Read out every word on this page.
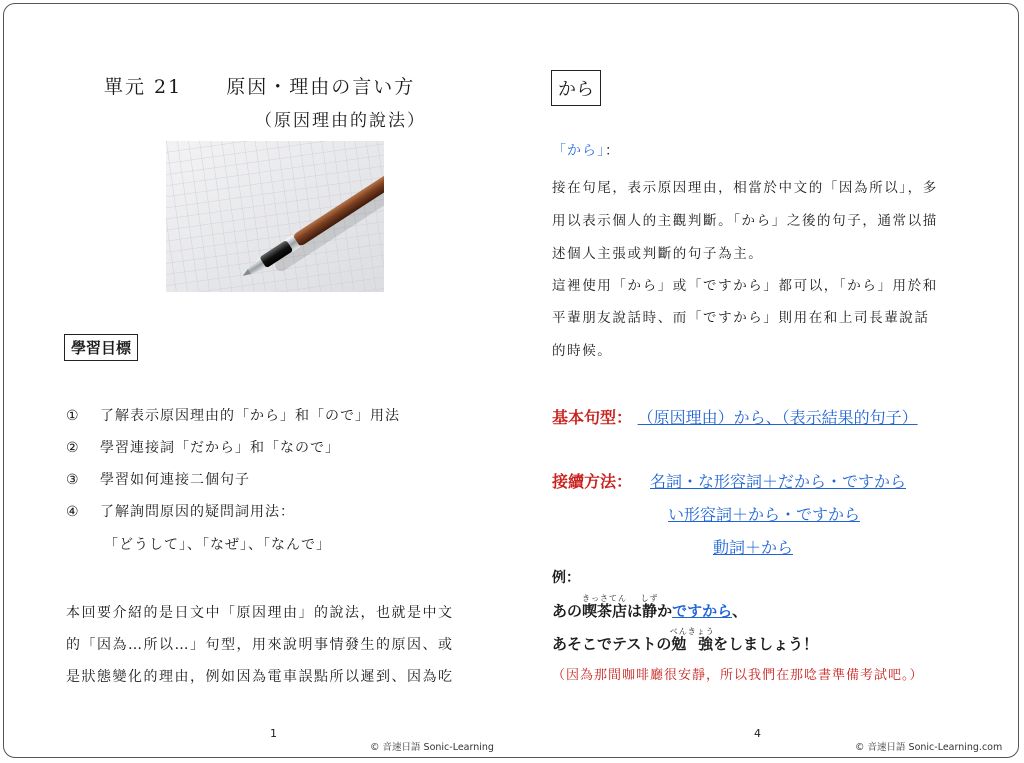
單元 21 原因・理由の言い方
（原因理由的說法）
學習目標
① 了解表示原因理由的「から」和「ので」用法
② 學習連接詞「だから」和「なので」
③ 學習如何連接二個句子
④ 了解詢問原因的疑問詞用法：
「どうして」、「なぜ」、「なんで」
本回要介紹的是日文中「原因理由」的說法，也就是中文
的「因為…所以…」句型，用來說明事情發生的原因、或
是狀態變化的理由，例如因為電車誤點所以遲到、因為吃
1
© 音速日語 Sonic-Learning
から
「から」：
接在句尾，表示原因理由，相當於中文的「因為所以」，多
用以表示個人的主觀判斷。「から」之後的句子，通常以描
述個人主張或判斷的句子為主。
這裡使用「から」或「ですから」都可以，「から」用於和
平輩朋友說話時、而「ですから」則用在和上司長輩說話
的時候。
基本句型： （原因理由）から、（表示結果的句子）
接續方法： 名詞・な形容詞＋だから・ですから
い形容詞＋から・ですから
動詞＋から
例：
あの喫茶店きっさてんは静しずかですから、
あそこでテストの勉 強べんきょうをしましょう！
（因為那間咖啡廳很安靜，所以我們在那唸書準備考試吧。）
4
© 音速日語 Sonic-Learning.com
